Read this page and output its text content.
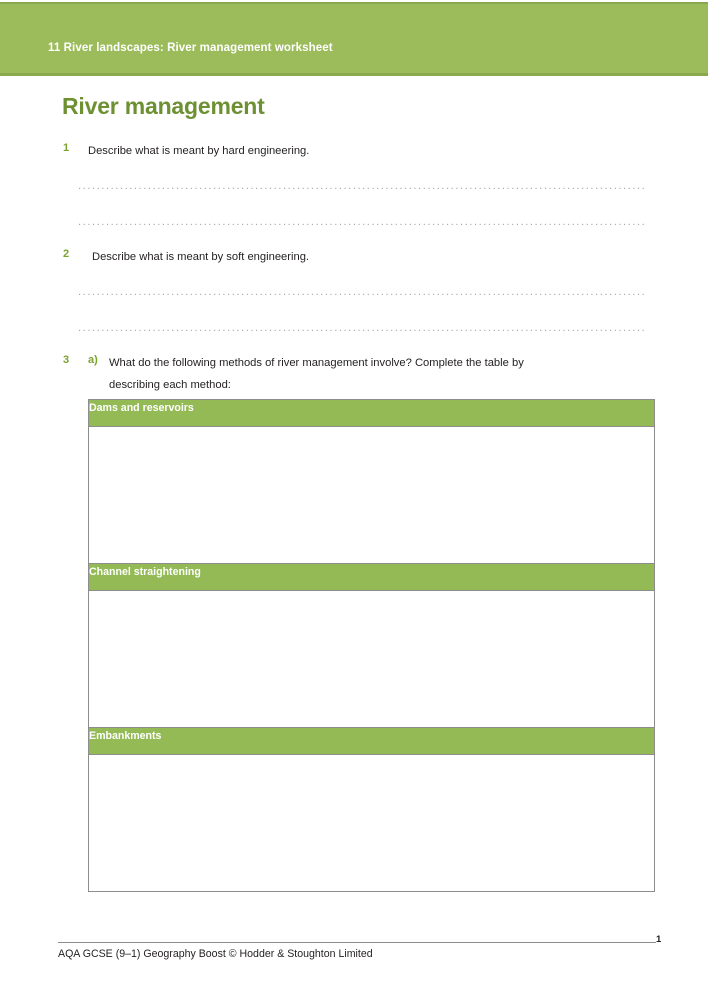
11 River landscapes: River management worksheet
River management
1 Describe what is meant by hard engineering.
..........................................................................................................................
..........................................................................................................................
2 Describe what is meant by soft engineering.
..........................................................................................................................
..........................................................................................................................
3 a) What do the following methods of river management involve? Complete the table by
describing each method:
Dams and reservoirs

Channel straightening

Embankments

AQA GCSE (9–1) Geography Boost © Hodder & Stoughton Limited
1
